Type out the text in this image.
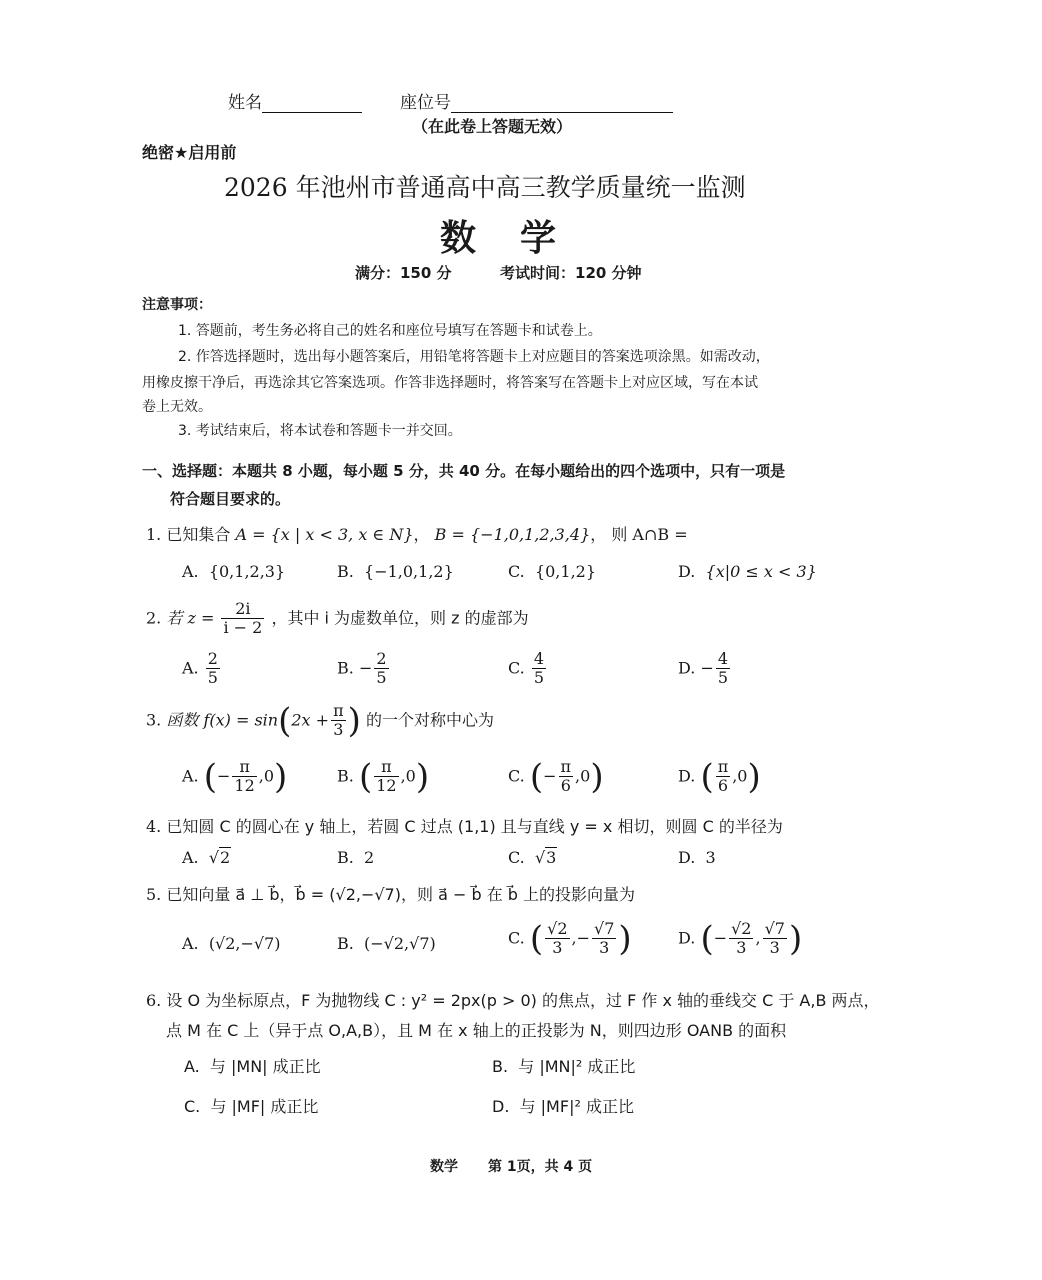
姓名	座位号
（在此卷上答题无效）
绝密★启用前
2026 年池州市普通高中高三教学质量统一监测
数　学
满分：150 分	考试时间：120 分钟
注意事项：
1. 答题前，考生务必将自己的姓名和座位号填写在答题卡和试卷上。
2. 作答选择题时，选出每小题答案后，用铅笔将答题卡上对应题目的答案选项涂黑。如需改动，
用橡皮擦干净后，再选涂其它答案选项。作答非选择题时，将答案写在答题卡上对应区域，写在本试
卷上无效。
3. 考试结束后，将本试卷和答题卡一并交回。
一、选择题：本题共 8 小题，每小题 5 分，共 40 分。在每小题给出的四个选项中，只有一项是
符合题目要求的。
1. 已知集合 A = {x | x < 3, x ∈ N}， B = {−1,0,1,2,3,4}， 则 A∩B =
A. {0,1,2,3}	B. {−1,0,1,2}	C. {0,1,2}	D. {x|0 ≤ x < 3}
2. 若 $z = \frac{2i}{i - 2}$ ，其中 i 为虚数单位，则 z 的虚部为
A. $\frac{2}{5}$	B. − $\frac{2}{5}$	C. $\frac{4}{5}$	D. − $\frac{4}{5}$
3. 函数 $f(x) = \sin(2x + \frac{\pi}{3}$ ) 的一个对称中心为
A. (− $\frac{\pi}{12} ,0$)	B. ( $\frac{\pi}{12} ,0$)	C. (− $\frac{\pi}{6} ,0$)	D. ( $\frac{\pi}{6} ,0$)
4. 已知圆 C 的圆心在 y 轴上，若圆 C 过点 (1,1) 且与直线 y = x 相切，则圆 C 的半径为
A.  √2	B. 2	C.  √3	D. 3
5. 已知向量 a⃗ ⊥ b⃗，b⃗ = (√2,−√7)，则 a⃗ − b⃗ 在 b⃗ 上的投影向量为
A. (√2,−√7)	B. (−√2,√7)	C. ( $\frac{√2}{3}$ ,− $\frac{√7}{3}$ )	D. (− $\frac{√2}{3}$ , $\frac{√7}{3}$ )
6. 设 O 为坐标原点，F 为抛物线 C : y² = 2px(p > 0) 的焦点，过 F 作 x 轴的垂线交 C 于 A,B 两点，
点 M 在 C 上（异于点 O,A,B），且 M 在 x 轴上的正投影为 N，则四边形 OANB 的面积
A. 与 |MN| 成正比	B. 与 |MN|² 成正比
C. 与 |MF| 成正比	D. 与 |MF|² 成正比
数学 第 1页，共 4 页
